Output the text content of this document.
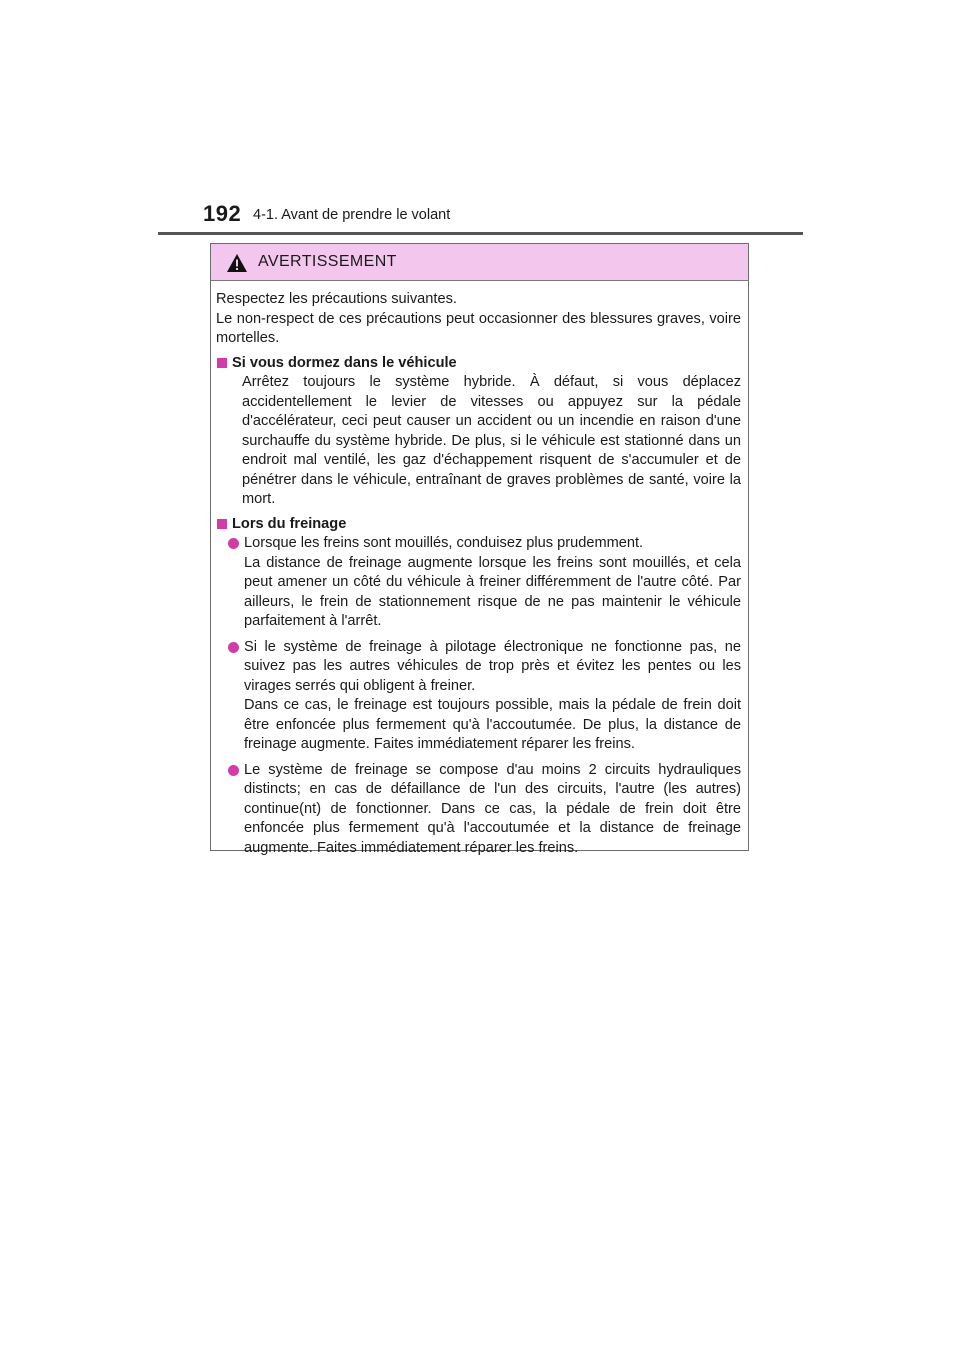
192 4-1. Avant de prendre le volant
AVERTISSEMENT

Respectez les précautions suivantes.

Le non-respect de ces précautions peut occasionner des blessures graves, voire mortelles.

Si vous dormez dans le véhicule
Arrêtez toujours le système hybride. À défaut, si vous déplacez accidentellement le levier de vitesses ou appuyez sur la pédale d'accélérateur, ceci peut causer un accident ou un incendie en raison d'une surchauffe du système hybride. De plus, si le véhicule est stationné dans un endroit mal ventilé, les gaz d'échappement risquent de s'accumuler et de pénétrer dans le véhicule, entraînant de graves problèmes de santé, voire la mort.
Lors du freinage

Lorsque les freins sont mouillés, conduisez plus prudemment.

La distance de freinage augmente lorsque les freins sont mouillés, et cela peut amener un côté du véhicule à freiner différemment de l'autre côté. Par ailleurs, le frein de stationnement risque de ne pas maintenir le véhicule parfaitement à l'arrêt.

Si le système de freinage à pilotage électronique ne fonctionne pas, ne suivez pas les autres véhicules de trop près et évitez les pentes ou les virages serrés qui obligent à freiner.

Dans ce cas, le freinage est toujours possible, mais la pédale de frein doit être enfoncée plus fermement qu'à l'accoutumée. De plus, la distance de freinage augmente. Faites immédiatement réparer les freins.

Le système de freinage se compose d'au moins 2 circuits hydrauliques distincts; en cas de défaillance de l'un des circuits, l'autre (les autres) continue(nt) de fonctionner. Dans ce cas, la pédale de frein doit être enfoncée plus fermement qu'à l'accoutumée et la distance de freinage augmente. Faites immédiatement réparer les freins.
